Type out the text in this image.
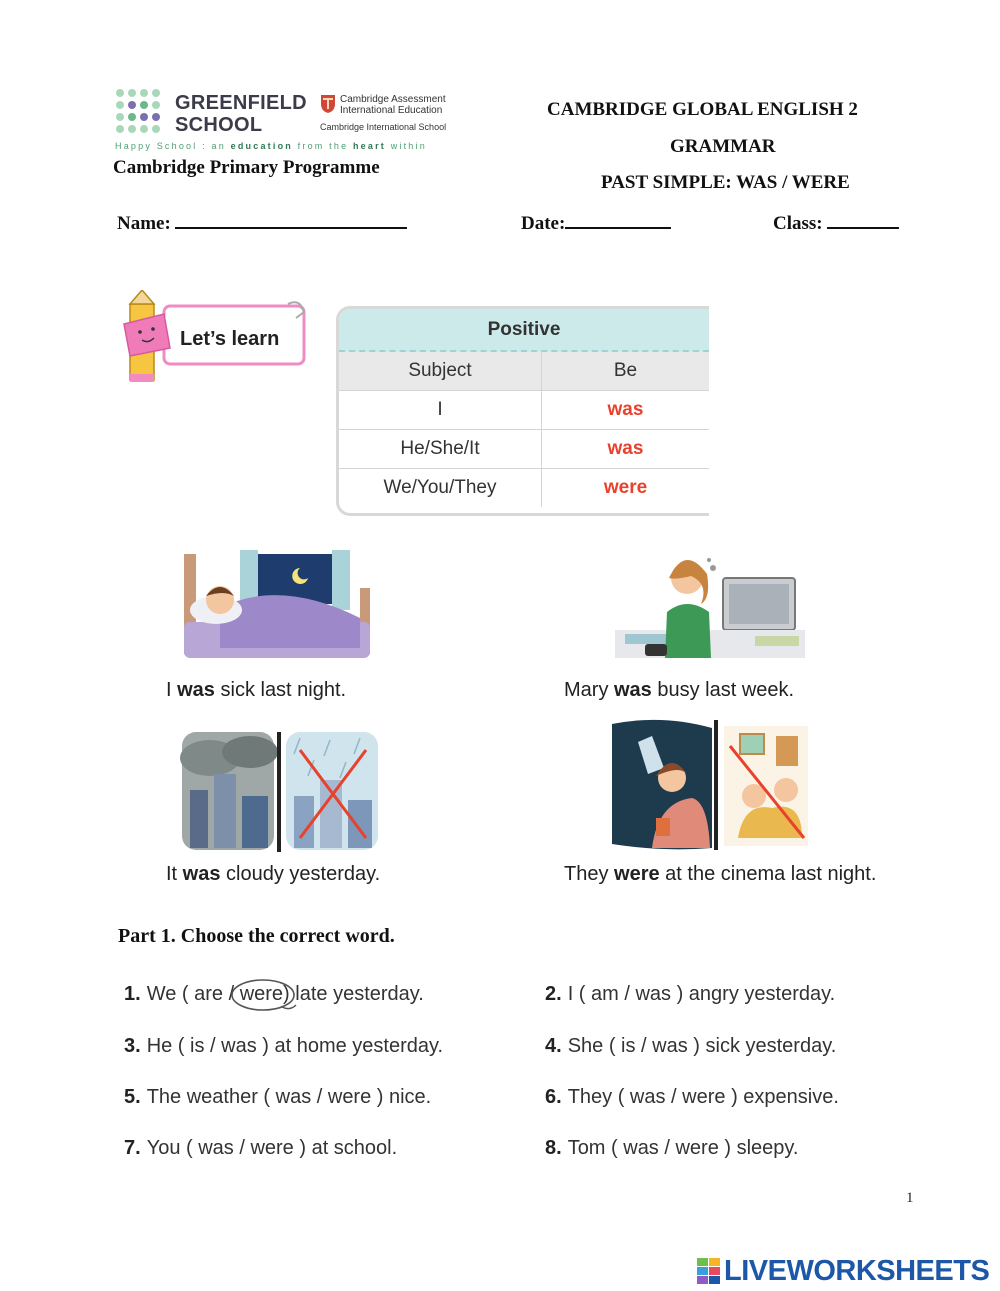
GREENFIELD
SCHOOL
Cambridge Assessment
International Education
Cambridge International School
Happy School : an education from the heart within
Cambridge Primary Programme
CAMBRIDGE GLOBAL ENGLISH 2
GRAMMAR
PAST SIMPLE: WAS / WERE
Name:	Date:	Class:
Let’s learn	Positive
Subject	Be
I	was
He/She/It	was
We/You/They	were
I was sick last night.	Mary was busy last week.
It was cloudy yesterday.	They were at the cinema last night.
Part 1. Choose the correct word.
1. We ( are / were
) late yesterday.	2. I ( am / was ) angry yesterday.
3. He ( is / was ) at home yesterday.	4. She ( is / was ) sick yesterday.
5. The weather ( was / were ) nice.	6. They ( was / were ) expensive.
7. You ( was / were ) at school.	8. Tom ( was / were ) sleepy.
1
LIVEWORKSHEETS
